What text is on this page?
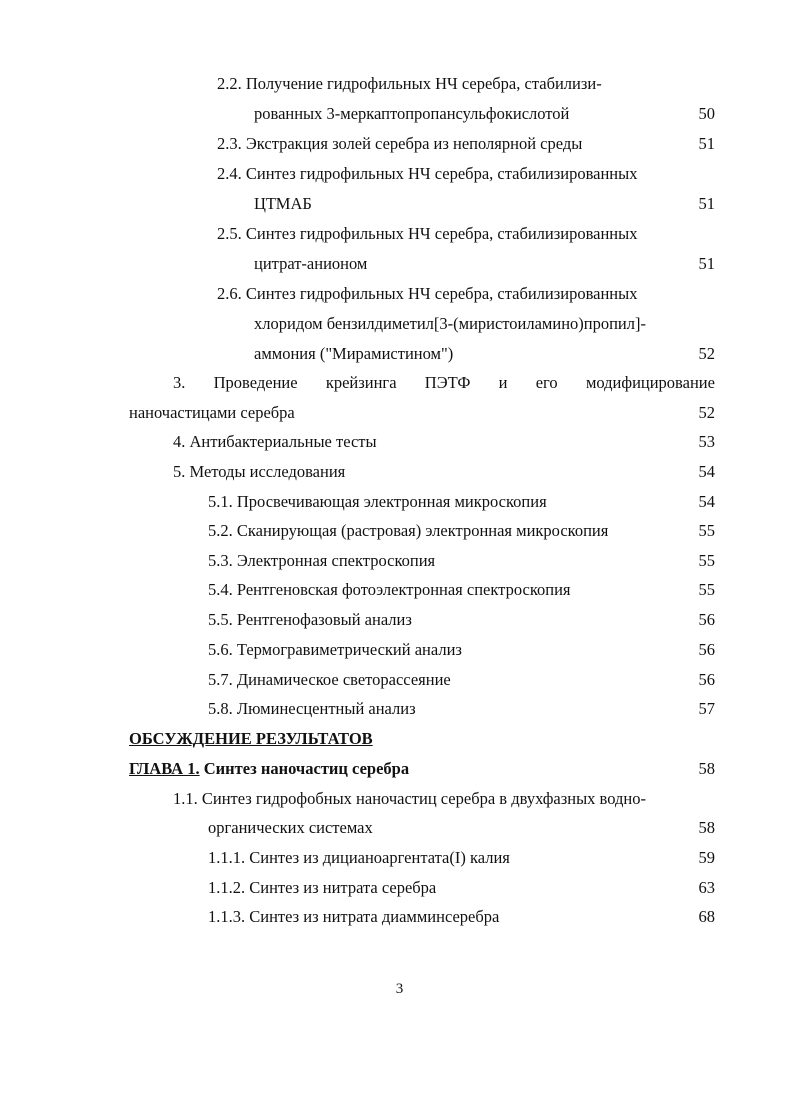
2.2. Получение гидрофильных НЧ серебра, стабилизи-
рованных 3-меркаптопропансульфокислотой	50
2.3. Экстракция золей серебра из неполярной среды	51
2.4. Синтез гидрофильных НЧ серебра, стабилизированных
ЦТМАБ	51
2.5. Синтез гидрофильных НЧ серебра, стабилизированных
цитрат-анионом	51
2.6. Синтез гидрофильных НЧ серебра, стабилизированных
хлоридом бензилдиметил[3-(миристоиламино)пропил]-
аммония ("Мирамистином")	52
3. Проведение крейзинга ПЭТФ и его модифицирование
наночастицами серебра	52
4. Антибактериальные тесты	53
5. Методы исследования	54
5.1. Просвечивающая электронная микроскопия	54
5.2. Сканирующая (растровая) электронная микроскопия	55
5.3. Электронная спектроскопия	55
5.4. Рентгеновская фотоэлектронная спектроскопия	55
5.5. Рентгенофазовый анализ	56
5.6. Термогравиметрический анализ	56
5.7. Динамическое светорассеяние	56
5.8. Люминесцентный анализ	57
ОБСУЖДЕНИЕ РЕЗУЛЬТАТОВ
ГЛАВА 1. Синтез наночастиц серебра	58
1.1. Синтез гидрофобных наночастиц серебра в двухфазных водно-
органических системах	58
1.1.1. Синтез из дицианоаргентата(I) калия	59
1.1.2. Синтез из нитрата серебра	63
1.1.3. Синтез из нитрата диамминсеребра	68
3
